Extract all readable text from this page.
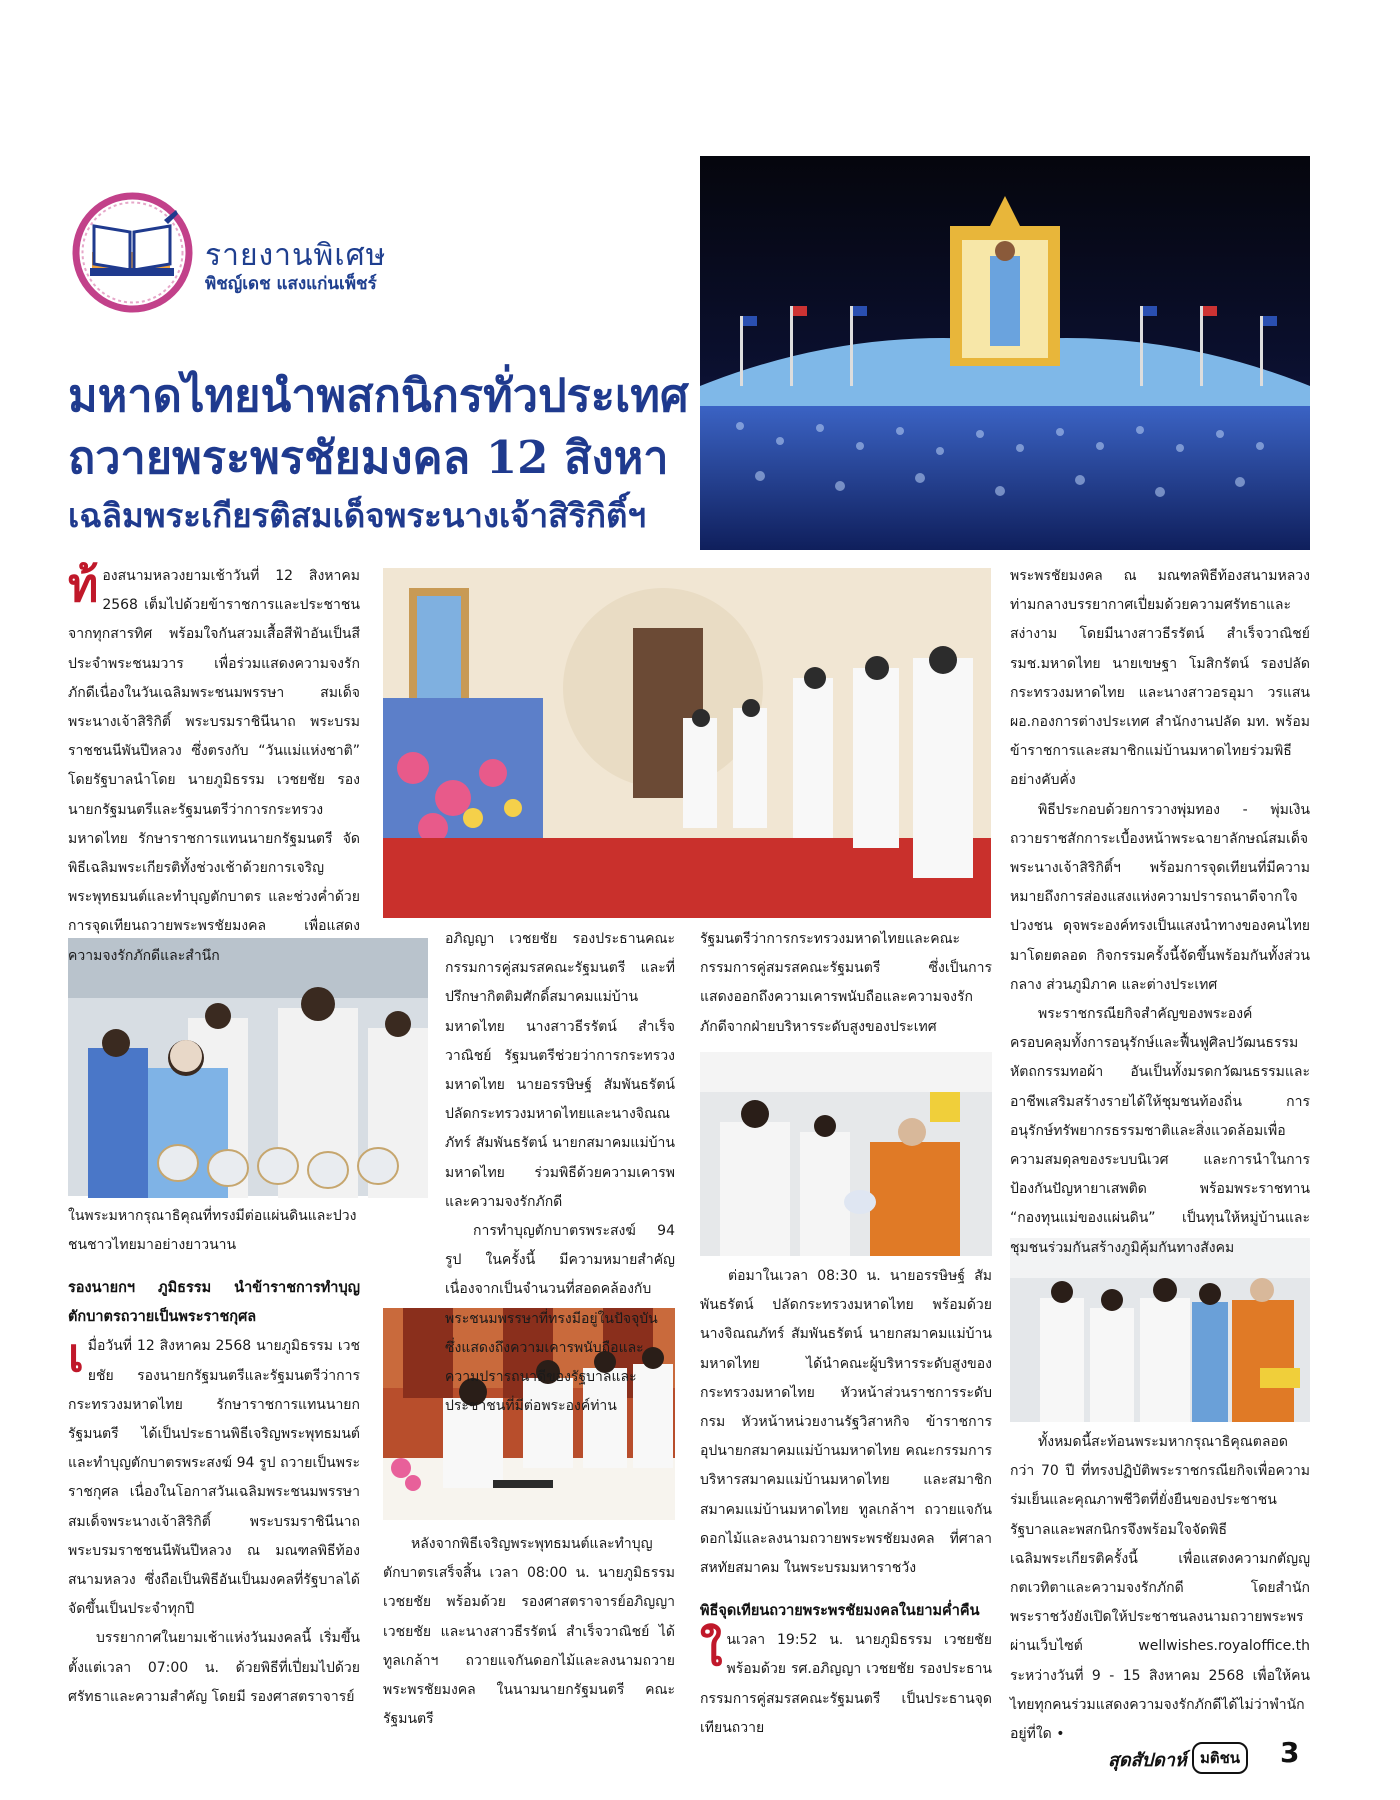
รายงานพิเศษ
พิชญ์เดช แสงแก่นเพ็ชร์
มหาดไทยนำพสกนิกรทั่วประเทศ
ถวายพระพรชัยมงคล 12 สิงหา
เฉลิมพระเกียรติสมเด็จพระนางเจ้าสิริกิติ์ฯ

ท้องสนามหลวงยามเช้าวันที่ 12 สิงหาคม 2568 เต็มไปด้วยข้าราชการและประชาชนจากทุกสารทิศ พร้อมใจกันสวมเสื้อสีฟ้าอันเป็นสีประจำพระชนมวาร เพื่อร่วมแสดงความจงรักภักดีเนื่องในวันเฉลิมพระชนมพรรษา สมเด็จพระนางเจ้าสิริกิติ์ พระบรมราชินีนาถ พระบรมราชชนนีพันปีหลวง ซึ่งตรงกับ “วันแม่แห่งชาติ” โดยรัฐบาลนำโดย นายภูมิธรรม เวชยชัย รองนายกรัฐมนตรีและรัฐมนตรีว่าการกระทรวงมหาดไทย รักษาราชการแทนนายกรัฐมนตรี จัดพิธีเฉลิมพระเกียรติทั้งช่วงเช้าด้วยการเจริญพระพุทธมนต์และทำบุญตักบาตร และช่วงค่ำด้วยการจุดเทียนถวายพระพรชัยมงคล เพื่อแสดงความจงรักภักดีและสำนึก

ในพระมหากรุณาธิคุณที่ทรงมีต่อแผ่นดินและปวงชนชาวไทยมาอย่างยาวนาน

รองนายกฯ ภูมิธรรม นำข้าราชการทำบุญตักบาตรถวายเป็นพระราชกุศล

เมื่อวันที่ 12 สิงหาคม 2568 นายภูมิธรรม เวชยชัย รองนายกรัฐมนตรีและรัฐมนตรีว่าการกระทรวงมหาดไทย รักษาราชการแทนนายกรัฐมนตรี ได้เป็นประธานพิธีเจริญพระพุทธมนต์และทำบุญตักบาตรพระสงฆ์ 94 รูป ถวายเป็นพระราชกุศล เนื่องในโอกาสวันเฉลิมพระชนมพรรษา สมเด็จพระนางเจ้าสิริกิติ์ พระบรมราชินีนาถ พระบรมราชชนนีพันปีหลวง ณ มณฑลพิธีท้องสนามหลวง ซึ่งถือเป็นพิธีอันเป็นมงคลที่รัฐบาลได้จัดขึ้นเป็นประจำทุกปี

บรรยากาศในยามเช้าแห่งวันมงคลนี้ เริ่มขึ้นตั้งแต่เวลา 07:00 น. ด้วยพิธีที่เปี่ยมไปด้วยศรัทธาและความสำคัญ โดยมี รองศาสตราจารย์

อภิญญา เวชยชัย รองประธานคณะกรรมการคู่สมรสคณะรัฐมนตรี และที่ปรึกษากิตติมศักดิ์สมาคมแม่บ้านมหาดไทย นางสาวธีรรัตน์ สำเร็จวาณิชย์ รัฐมนตรีช่วยว่าการกระทรวงมหาดไทย นายอรรษิษฐ์ สัมพันธรัตน์ ปลัดกระทรวงมหาดไทยและนางจิณณภัทร์ สัมพันธรัตน์ นายกสมาคมแม่บ้านมหาดไทย ร่วมพิธีด้วยความเคารพและความจงรักภักดี

การทำบุญตักบาตรพระสงฆ์ 94 รูป ในครั้งนี้ มีความหมายสำคัญ เนื่องจากเป็นจำนวนที่สอดคล้องกับพระชนมพรรษาที่ทรงมีอยู่ในปัจจุบัน ซึ่งแสดงถึงความเคารพนับถือและความปรารถนาดีของรัฐบาลและประชาชนที่มีต่อพระองค์ท่าน

หลังจากพิธีเจริญพระพุทธมนต์และทำบุญตักบาตรเสร็จสิ้น เวลา 08:00 น. นายภูมิธรรม เวชยชัย พร้อมด้วย รองศาสตราจารย์อภิญญา เวชยชัย และนางสาวธีรรัตน์ สำเร็จวาณิชย์ ได้ทูลเกล้าฯ ถวายแจกันดอกไม้และลงนามถวายพระพรชัยมงคล ในนามนายกรัฐมนตรี คณะรัฐมนตรี

รัฐมนตรีว่าการกระทรวงมหาดไทยและคณะกรรมการคู่สมรสคณะรัฐมนตรี ซึ่งเป็นการแสดงออกถึงความเคารพนับถือและความจงรักภักดีจากฝ่ายบริหารระดับสูงของประเทศ

ต่อมาในเวลา 08:30 น. นายอรรษิษฐ์ สัมพันธรัตน์ ปลัดกระทรวงมหาดไทย พร้อมด้วย นางจิณณภัทร์ สัมพันธรัตน์ นายกสมาคมแม่บ้านมหาดไทย ได้นำคณะผู้บริหารระดับสูงของกระทรวงมหาดไทย หัวหน้าส่วนราชการระดับกรม หัวหน้าหน่วยงานรัฐวิสาหกิจ ข้าราชการ อุปนายกสมาคมแม่บ้านมหาดไทย คณะกรรมการบริหารสมาคมแม่บ้านมหาดไทย และสมาชิกสมาคมแม่บ้านมหาดไทย ทูลเกล้าฯ ถวายแจกันดอกไม้และลงนามถวายพระพรชัยมงคล ที่ศาลาสหทัยสมาคม ในพระบรมมหาราชวัง

พิธีจุดเทียนถวายพระพรชัยมงคลในยามค่ำคืน

ในเวลา 19:52 น. นายภูมิธรรม เวชยชัย พร้อมด้วย รศ.อภิญญา เวชยชัย รองประธานกรรมการคู่สมรสคณะรัฐมนตรี เป็นประธานจุดเทียนถวาย

พระพรชัยมงคล ณ มณฑลพิธีท้องสนามหลวง ท่ามกลางบรรยากาศเปี่ยมด้วยความศรัทธาและสง่างาม โดยมีนางสาวธีรรัตน์ สำเร็จวาณิชย์ รมช.มหาดไทย นายเขษฐา โมสิกรัตน์ รองปลัดกระทรวงมหาดไทย และนางสาวอรอุมา วรแสน ผอ.กองการต่างประเทศ สำนักงานปลัด มท. พร้อมข้าราชการและสมาชิกแม่บ้านมหาดไทยร่วมพิธีอย่างคับคั่ง

พิธีประกอบด้วยการวางพุ่มทอง - พุ่มเงิน ถวายราชสักการะเบื้องหน้าพระฉายาลักษณ์สมเด็จพระนางเจ้าสิริกิติ์ฯ พร้อมการจุดเทียนที่มีความหมายถึงการส่องแสงแห่งความปรารถนาดีจากใจปวงชน ดุจพระองค์ทรงเป็นแสงนำทางของคนไทยมาโดยตลอด กิจกรรมครั้งนี้จัดขึ้นพร้อมกันทั้งส่วนกลาง ส่วนภูมิภาค และต่างประเทศ

พระราชกรณียกิจสำคัญของพระองค์ ครอบคลุมทั้งการอนุรักษ์และฟื้นฟูศิลปวัฒนธรรม หัตถกรรมทอผ้า อันเป็นทั้งมรดกวัฒนธรรมและอาชีพเสริมสร้างรายได้ให้ชุมชนท้องถิ่น การอนุรักษ์ทรัพยากรธรรมชาติและสิ่งแวดล้อมเพื่อความสมดุลของระบบนิเวศ และการนำในการป้องกันปัญหายาเสพติด พร้อมพระราชทาน “กองทุนแม่ของแผ่นดิน” เป็นทุนให้หมู่บ้านและชุมชนร่วมกันสร้างภูมิคุ้มกันทางสังคม

ทั้งหมดนี้สะท้อนพระมหากรุณาธิคุณตลอดกว่า 70 ปี ที่ทรงปฏิบัติพระราชกรณียกิจเพื่อความร่มเย็นและคุณภาพชีวิตที่ยั่งยืนของประชาชน รัฐบาลและพสกนิกรจึงพร้อมใจจัดพิธีเฉลิมพระเกียรติครั้งนี้ เพื่อแสดงความกตัญญูกตเวทิตาและความจงรักภักดี โดยสำนักพระราชวังยังเปิดให้ประชาชนลงนามถวายพระพรผ่านเว็บไซต์ wellwishes.royaloffice.th ระหว่างวันที่ 9 - 15 สิงหาคม 2568 เพื่อให้คนไทยทุกคนร่วมแสดงความจงรักภักดีได้ไม่ว่าพำนักอยู่ที่ใด •

สุดสัปดาห์ มติชน 3
